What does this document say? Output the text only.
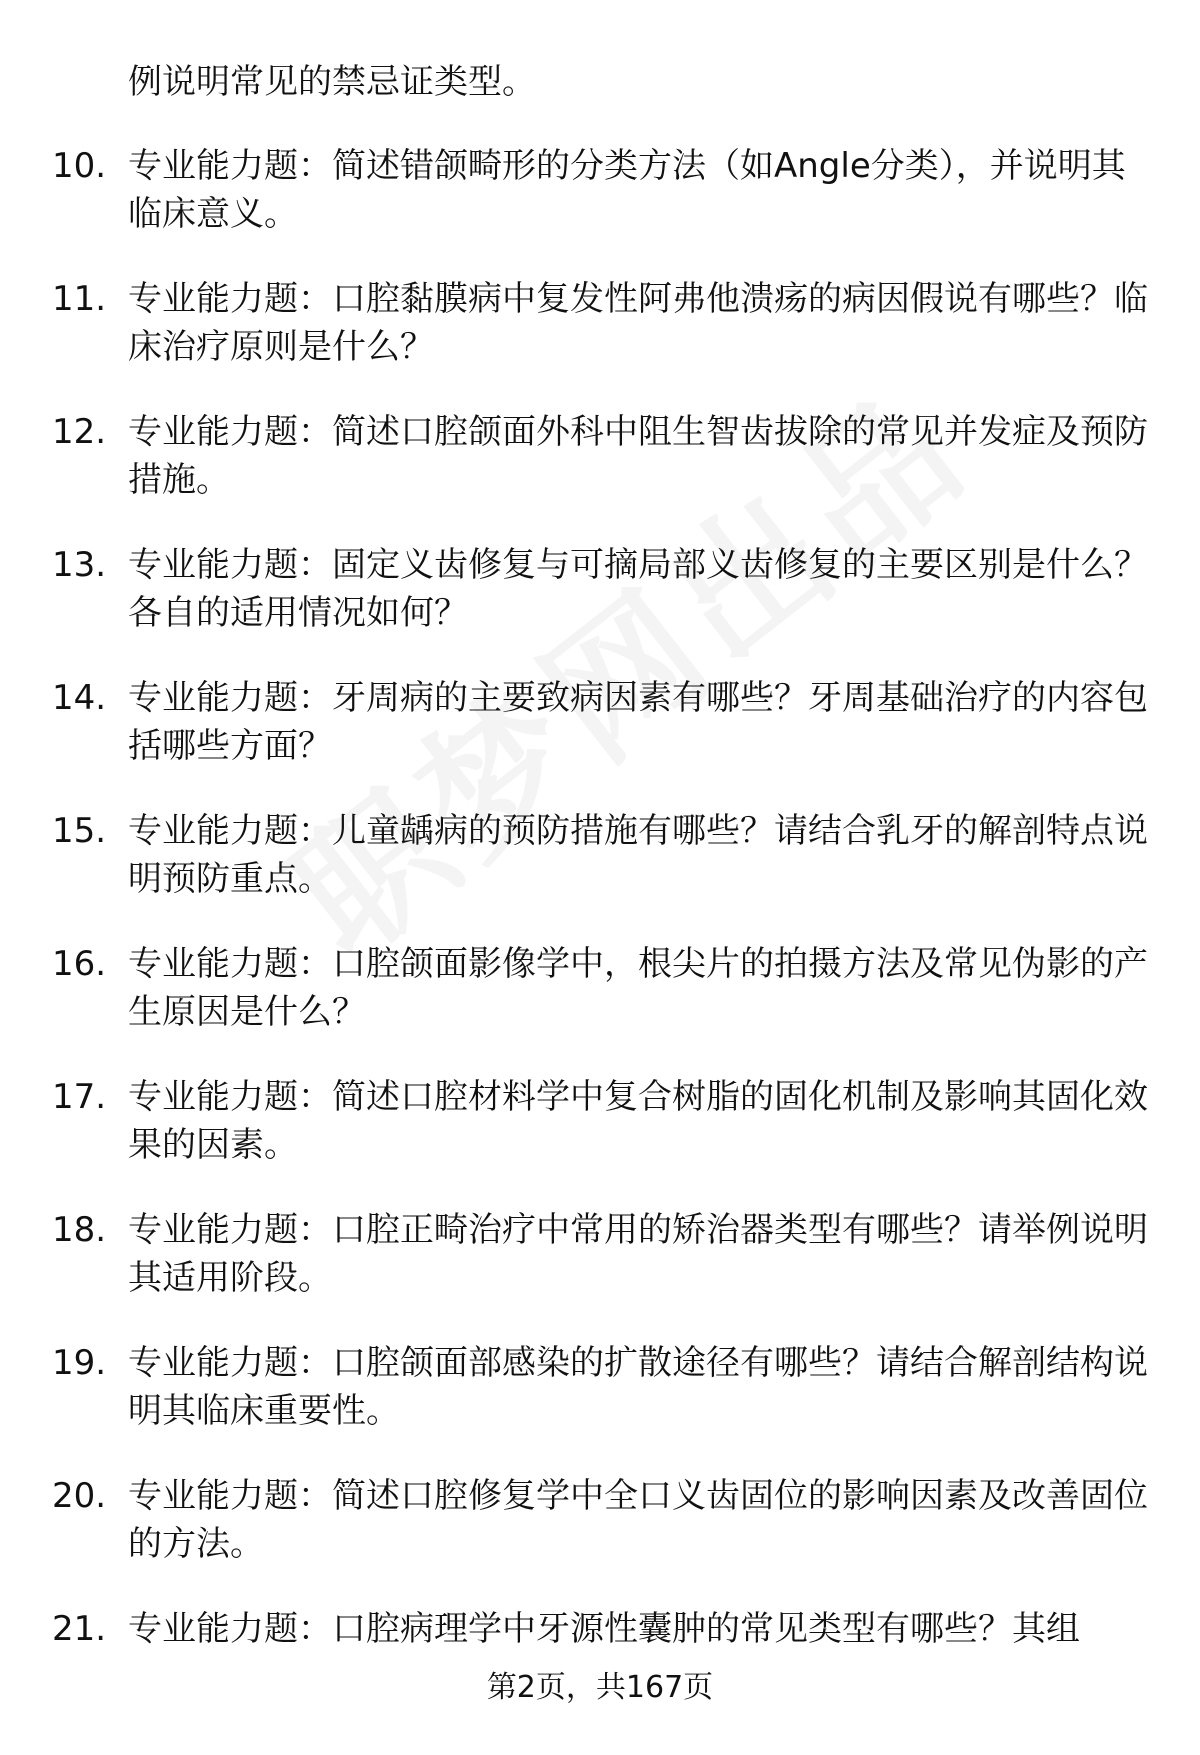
例说明常见的禁忌证类型。

10. 专业能力题：简述错颌畸形的分类方法（如Angle分类），并说明其临床意义。

11. 专业能力题：口腔黏膜病中复发性阿弗他溃疡的病因假说有哪些？临床治疗原则是什么？

12. 专业能力题：简述口腔颌面外科中阻生智齿拔除的常见并发症及预防措施。

13. 专业能力题：固定义齿修复与可摘局部义齿修复的主要区别是什么？各自的适用情况如何？

14. 专业能力题：牙周病的主要致病因素有哪些？牙周基础治疗的内容包括哪些方面？

15. 专业能力题：儿童龋病的预防措施有哪些？请结合乳牙的解剖特点说明预防重点。

16. 专业能力题：口腔颌面影像学中，根尖片的拍摄方法及常见伪影的产生原因是什么？

17. 专业能力题：简述口腔材料学中复合树脂的固化机制及影响其固化效果的因素。

18. 专业能力题：口腔正畸治疗中常用的矫治器类型有哪些？请举例说明其适用阶段。

19. 专业能力题：口腔颌面部感染的扩散途径有哪些？请结合解剖结构说明其临床重要性。

20. 专业能力题：简述口腔修复学中全口义齿固位的影响因素及改善固位的方法。

21. 专业能力题：口腔病理学中牙源性囊肿的常见类型有哪些？其组

第2页，共167页
